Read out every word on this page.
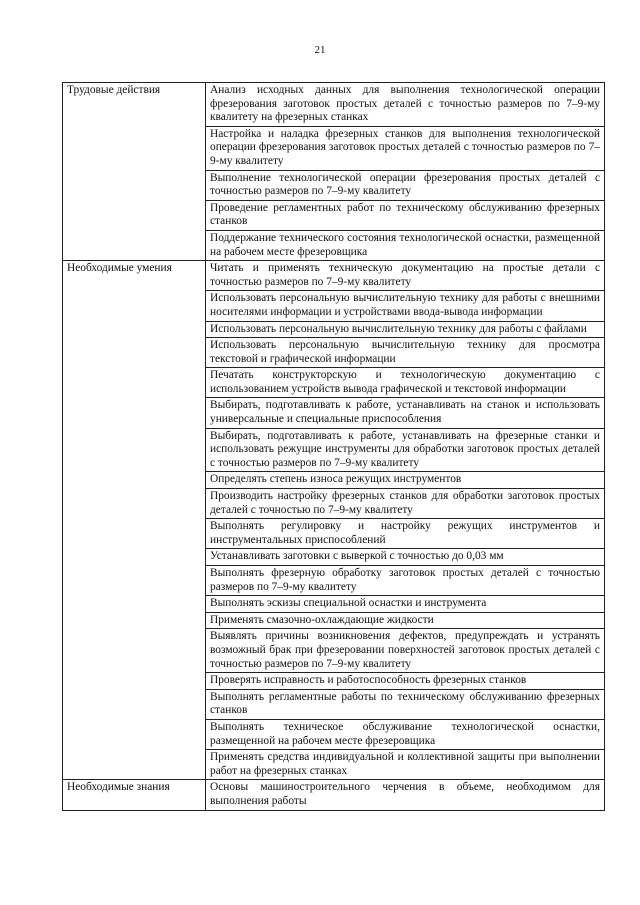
21
Трудовые действия	Анализ исходных данных для выполнения технологической операции фрезерования заготовок простых деталей с точностью размеров по 7–9-му квалитету на фрезерных станках
	Настройка и наладка фрезерных станков для выполнения технологической операции фрезерования заготовок простых деталей с точностью размеров по 7–9-му квалитету
	Выполнение технологической операции фрезерования простых деталей с точностью размеров по 7–9-му квалитету
	Проведение регламентных работ по техническому обслуживанию фрезерных станков
	Поддержание технического состояния технологической оснастки, размещенной на рабочем месте фрезеровщика
Необходимые умения	Читать и применять техническую документацию на простые детали с точностью размеров по 7–9-му квалитету
	Использовать персональную вычислительную технику для работы с внешними носителями информации и устройствами ввода-вывода информации
	Использовать персональную вычислительную технику для работы с файлами
	Использовать персональную вычислительную технику для просмотра текстовой и графической информации
	Печатать конструкторскую и технологическую документацию с использованием устройств вывода графической и текстовой информации
	Выбирать, подготавливать к работе, устанавливать на станок и использовать универсальные и специальные приспособления
	Выбирать, подготавливать к работе, устанавливать на фрезерные станки и использовать режущие инструменты для обработки заготовок простых деталей с точностью размеров по 7–9-му квалитету
	Определять степень износа режущих инструментов
	Производить настройку фрезерных станков для обработки заготовок простых деталей с точностью по 7–9-му квалитету
	Выполнять регулировку и настройку режущих инструментов и инструментальных приспособлений
	Устанавливать заготовки с выверкой с точностью до 0,03 мм
	Выполнять фрезерную обработку заготовок простых деталей с точностью размеров по 7–9-му квалитету
	Выполнять эскизы специальной оснастки и инструмента
	Применять смазочно-охлаждающие жидкости
	Выявлять причины возникновения дефектов, предупреждать и устранять возможный брак при фрезеровании поверхностей заготовок простых деталей с точностью размеров по 7–9-му квалитету
	Проверять исправность и работоспособность фрезерных станков
	Выполнять регламентные работы по техническому обслуживанию фрезерных станков
	Выполнять техническое обслуживание технологической оснастки, размещенной на рабочем месте фрезеровщика
	Применять средства индивидуальной и коллективной защиты при выполнении работ на фрезерных станках
Необходимые знания	Основы машиностроительного черчения в объеме, необходимом для выполнения работы
